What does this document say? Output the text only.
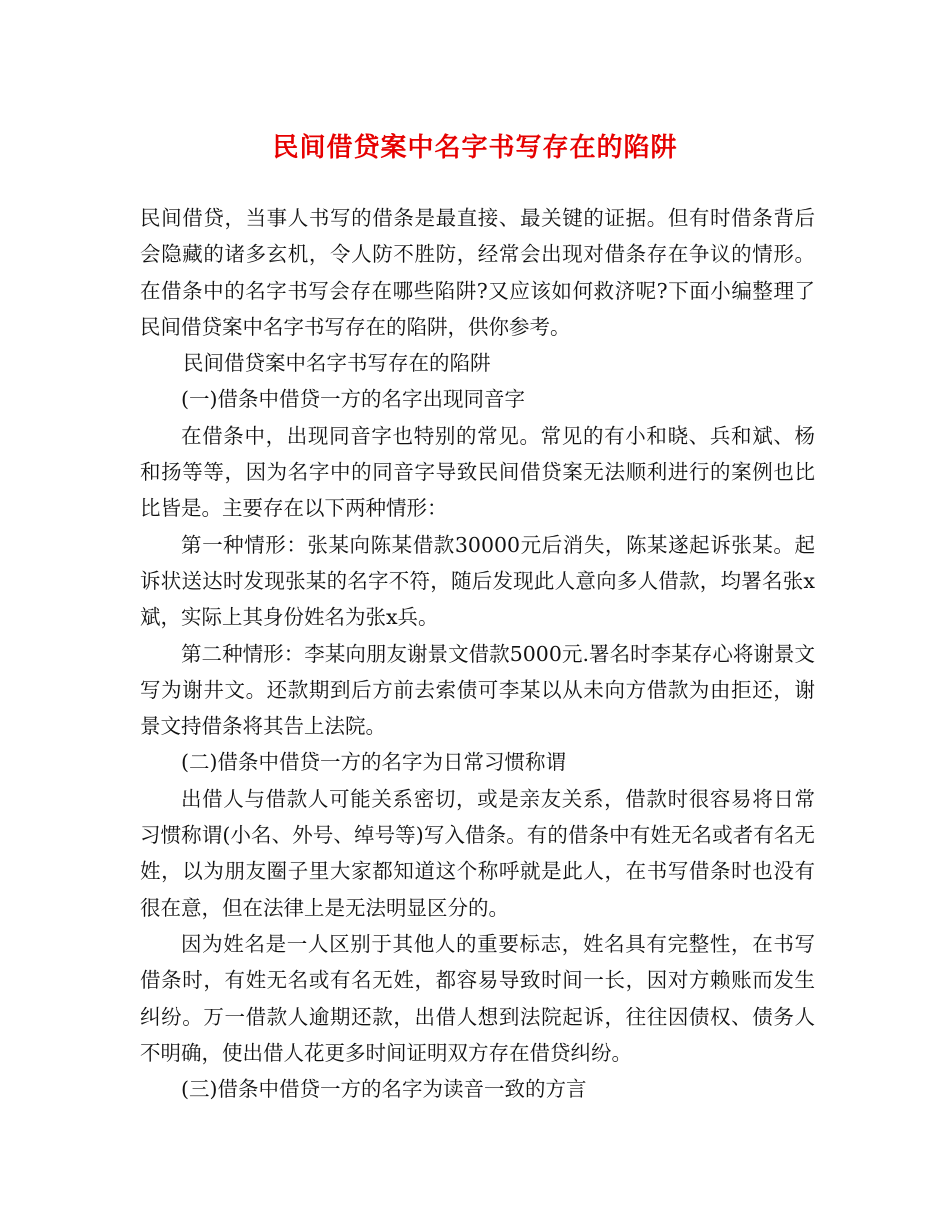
民间借贷案中名字书写存在的陷阱

民间借贷，当事人书写的借条是最直接、最关键的证据。但有时借条背后会隐藏的诸多玄机，令人防不胜防，经常会出现对借条存在争议的情形。在借条中的名字书写会存在哪些陷阱?又应该如何救济呢?下面小编整理了民间借贷案中名字书写存在的陷阱，供你参考。

民间借贷案中名字书写存在的陷阱

(一)借条中借贷一方的名字出现同音字

在借条中，出现同音字也特别的常见。常见的有小和晓、兵和斌、杨和扬等等，因为名字中的同音字导致民间借贷案无法顺利进行的案例也比比皆是。主要存在以下两种情形：

第一种情形：张某向陈某借款30000元后消失，陈某遂起诉张某。起诉状送达时发现张某的名字不符，随后发现此人意向多人借款，均署名张x斌，实际上其身份姓名为张x兵。

第二种情形：李某向朋友谢景文借款5000元.署名时李某存心将谢景文写为谢井文。还款期到后方前去索债可李某以从未向方借款为由拒还，谢景文持借条将其告上法院。

(二)借条中借贷一方的名字为日常习惯称谓

出借人与借款人可能关系密切，或是亲友关系，借款时很容易将日常习惯称谓(小名、外号、绰号等)写入借条。有的借条中有姓无名或者有名无姓，以为朋友圈子里大家都知道这个称呼就是此人，在书写借条时也没有很在意，但在法律上是无法明显区分的。

因为姓名是一人区别于其他人的重要标志，姓名具有完整性，在书写借条时，有姓无名或有名无姓，都容易导致时间一长，因对方赖账而发生纠纷。万一借款人逾期还款，出借人想到法院起诉，往往因债权、债务人不明确，使出借人花更多时间证明双方存在借贷纠纷。

(三)借条中借贷一方的名字为读音一致的方言
